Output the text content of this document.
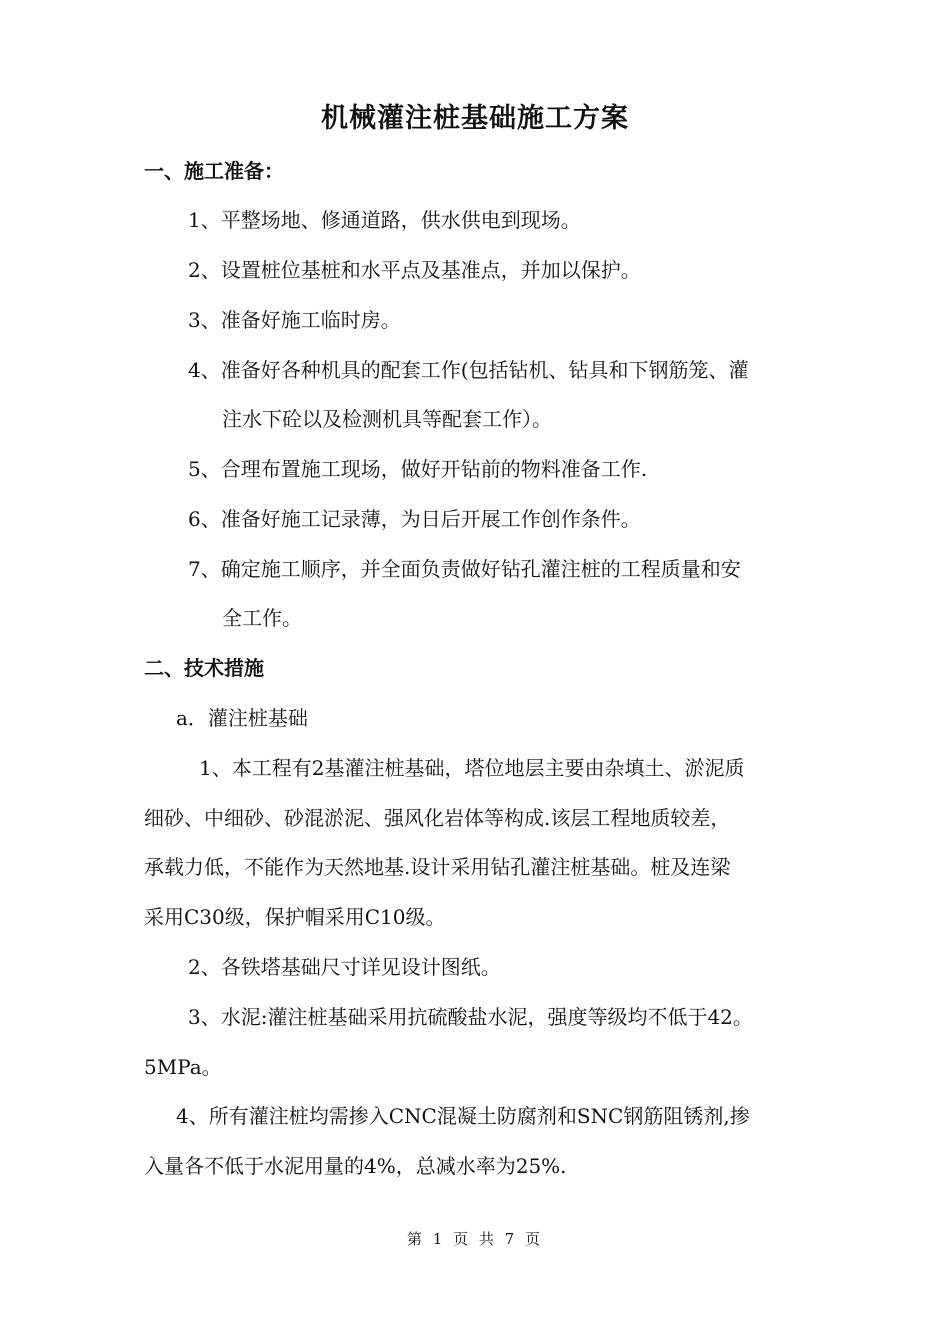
机械灌注桩基础施工方案
一、施工准备：
1、平整场地、修通道路，供水供电到现场。
2、设置桩位基桩和水平点及基准点，并加以保护。
3、准备好施工临时房。
4、准备好各种机具的配套工作(包括钻机、钻具和下钢筋笼、灌
注水下砼以及检测机具等配套工作）。
5、合理布置施工现场，做好开钻前的物料准备工作.
6、准备好施工记录薄，为日后开展工作创作条件。
7、确定施工顺序，并全面负责做好钻孔灌注桩的工程质量和安
全工作。
二、技术措施
a．灌注桩基础
1、本工程有2基灌注桩基础，塔位地层主要由杂填土、淤泥质
细砂、中细砂、砂混淤泥、强风化岩体等构成.该层工程地质较差，
承载力低，不能作为天然地基.设计采用钻孔灌注桩基础。桩及连梁
采用C30级，保护帽采用C10级。
2、各铁塔基础尺寸详见设计图纸。
3、水泥:灌注桩基础采用抗硫酸盐水泥，强度等级均不低于42。
5MPa。
4、所有灌注桩均需掺入CNC混凝土防腐剂和SNC钢筋阻锈剂,掺
入量各不低于水泥用量的4%，总减水率为25%.
第 1 页 共 7 页
